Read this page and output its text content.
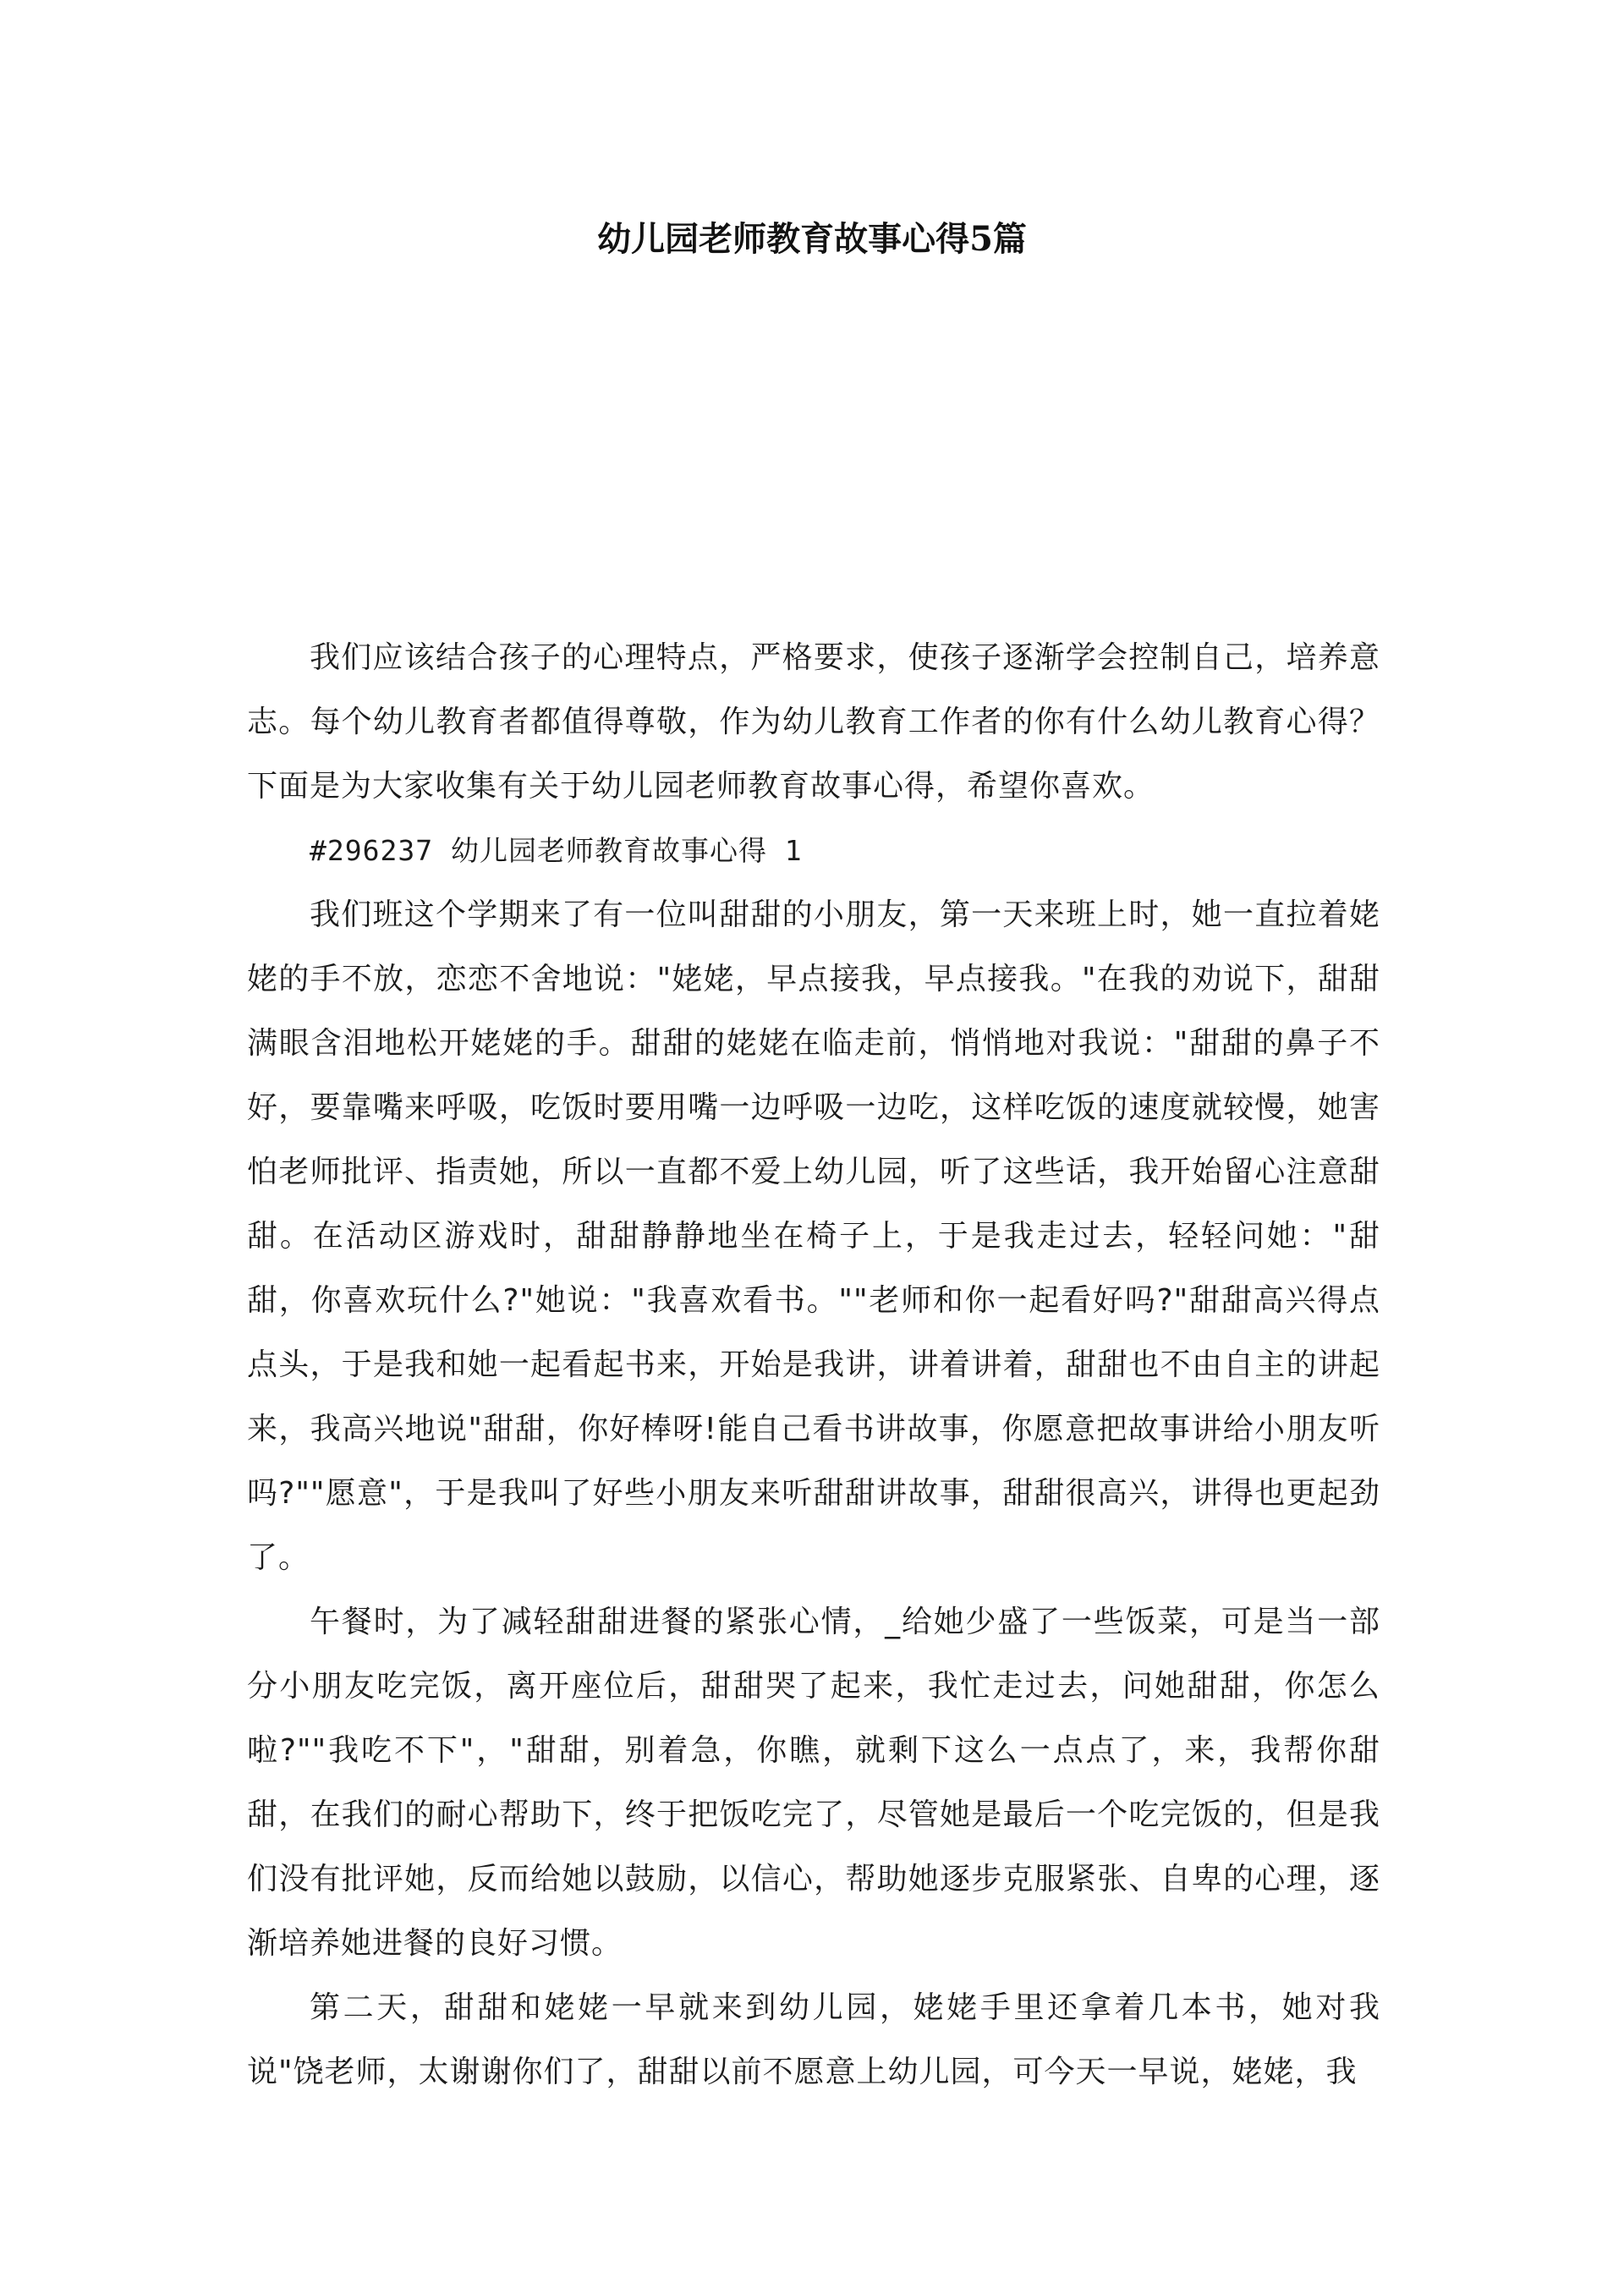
幼儿园老师教育故事心得5篇

我们应该结合孩子的心理特点，严格要求，使孩子逐渐学会控制自己，培养意志。每个幼儿教育者都值得尊敬，作为幼儿教育工作者的你有什么幼儿教育心得？下面是为大家收集有关于幼儿园老师教育故事心得，希望你喜欢。

#296237 幼儿园老师教育故事心得 1

我们班这个学期来了有一位叫甜甜的小朋友，第一天来班上时，她一直拉着姥姥的手不放，恋恋不舍地说："姥姥，早点接我，早点接我。"在我的劝说下，甜甜满眼含泪地松开姥姥的手。甜甜的姥姥在临走前，悄悄地对我说："甜甜的鼻子不好，要靠嘴来呼吸，吃饭时要用嘴一边呼吸一边吃，这样吃饭的速度就较慢，她害怕老师批评、指责她，所以一直都不爱上幼儿园，听了这些话，我开始留心注意甜甜。在活动区游戏时，甜甜静静地坐在椅子上，于是我走过去，轻轻问她："甜甜，你喜欢玩什么?"她说："我喜欢看书。""老师和你一起看好吗?"甜甜高兴得点点头，于是我和她一起看起书来，开始是我讲，讲着讲着，甜甜也不由自主的讲起来，我高兴地说"甜甜，你好棒呀!能自己看书讲故事，你愿意把故事讲给小朋友听吗?""愿意"，于是我叫了好些小朋友来听甜甜讲故事，甜甜很高兴，讲得也更起劲了。

午餐时，为了减轻甜甜进餐的紧张心情，_给她少盛了一些饭菜，可是当一部分小朋友吃完饭，离开座位后，甜甜哭了起来，我忙走过去，问她甜甜，你怎么啦?""我吃不下"，"甜甜，别着急，你瞧，就剩下这么一点点了，来，我帮你甜甜，在我们的耐心帮助下，终于把饭吃完了，尽管她是最后一个吃完饭的，但是我们没有批评她，反而给她以鼓励，以信心，帮助她逐步克服紧张、自卑的心理，逐渐培养她进餐的良好习惯。

第二天，甜甜和姥姥一早就来到幼儿园，姥姥手里还拿着几本书，她对我说"饶老师，太谢谢你们了，甜甜以前不愿意上幼儿园，可今天一早说，姥姥，我
